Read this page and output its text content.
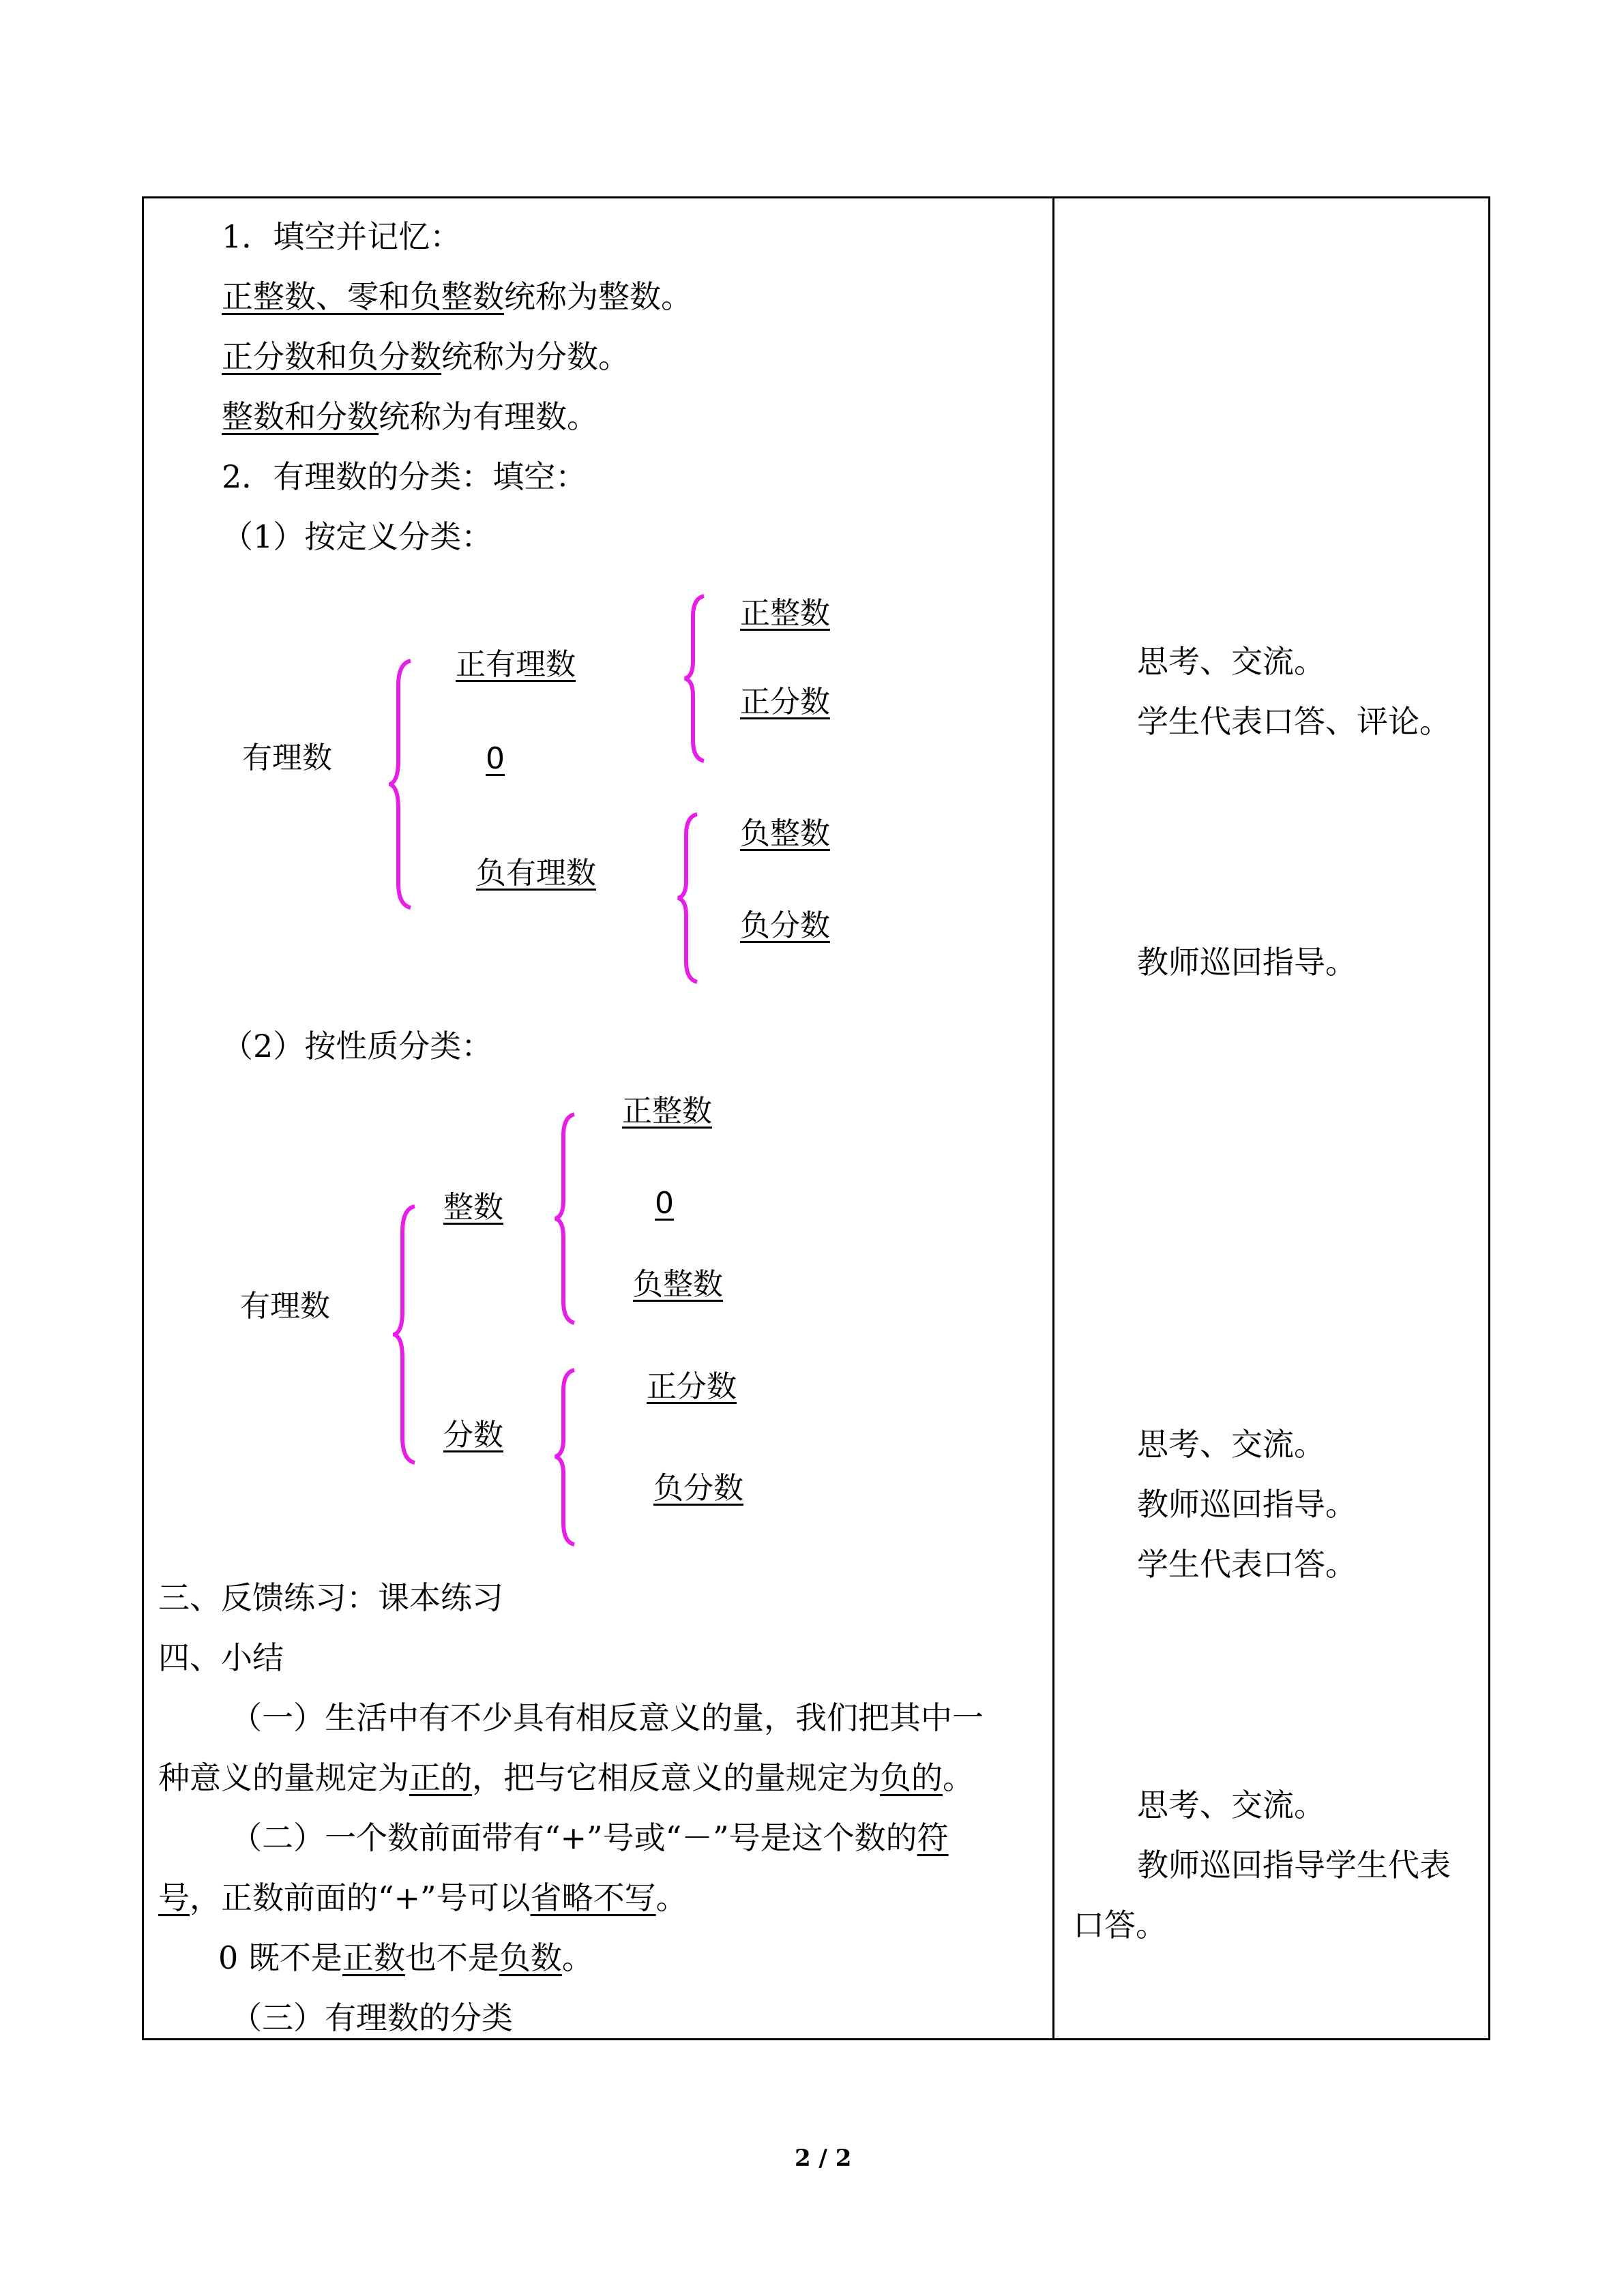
1．填空并记忆：
正整数、零和负整数统称为整数。
正分数和负分数统称为分数。
整数和分数统称为有理数。
2．有理数的分类：填空：
（1）按定义分类：
有理数
正有理数
0
负有理数
正整数
正分数
负整数
负分数
（2）按性质分类：
有理数
整数
分数
正整数
0
负整数
正分数
负分数
三、反馈练习：课本练习
四、小结
（一）生活中有不少具有相反意义的量，我们把其中一
种意义的量规定为正的，把与它相反意义的量规定为负的。
（二）一个数前面带有“+”号或“－”号是这个数的符
号，正数前面的“+”号可以省略不写。
0 既不是正数也不是负数。
（三）有理数的分类
思考、交流。
学生代表口答、评论。
教师巡回指导。
思考、交流。
教师巡回指导。
学生代表口答。
思考、交流。
教师巡回指导学生代表
口答。
2 / 2
